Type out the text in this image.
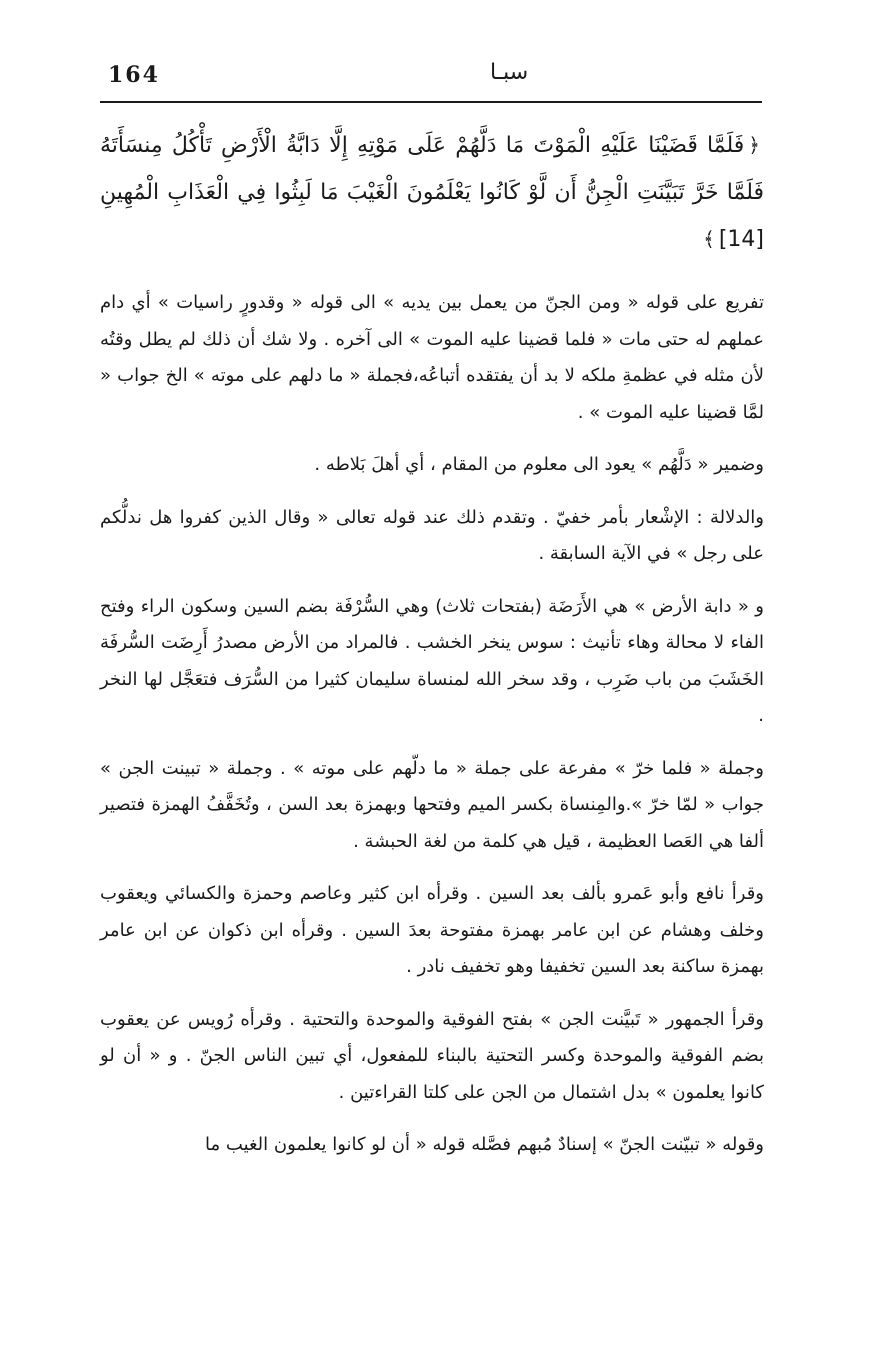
164	سبـا

﴿فَلَمَّا قَضَيْنَا عَلَيْهِ الْمَوْتَ مَا دَلَّهُمْ عَلَى مَوْتِهِ إِلَّا دَابَّةُ الْأَرْضِ تَأْكُلُ مِنسَأَتَهُ فَلَمَّا خَرَّ تَبَيَّنَتِ الْجِنُّ أَن لَّوْ كَانُوا يَعْلَمُونَ الْغَيْبَ مَا لَبِثُوا فِي الْعَذَابِ الْمُهِينِ [14]﴾

تفريع على قوله « ومن الجنّ من يعمل بين يديه » الى قوله « وقدورٍ راسيات » أي دام عملهم له حتى مات « فلما قضينا عليه الموت » الى آخره . ولا شك أن ذلك لم يطل وقتُه لأن مثله في عظمةِ ملكه لا بد أن يفتقده أتباعُه،فجملة « ما دلهم على موته » الخ جواب « لمَّا قضينا عليه الموت » .

وضمير « دَلَّهُم » يعود الى معلوم من المقام ، أي أهلَ بَلاطه .

والدلالة : الإشْعار بأمر خفيّ . وتقدم ذلك عند قوله تعالى « وقال الذين كفروا هل ندلُّكم على رجل » في الآية السابقة .

و « دابة الأرض » هي الأَرَضَة (بفتحات ثلاث) وهي السُّرْفَة بضم السين وسكون الراء وفتح الفاء لا محالة وهاء تأنيث : سوس ينخر الخشب . فالمراد من الأرض مصدرُ أَرِضَت السُّرفَة الخَشَبَ من باب ضَرِب ، وقد سخر الله لمنساة سليمان كثيرا من السُّرَف فتعَجَّل لها النخر .

وجملة « فلما خرّ » مفرعة على جملة « ما دلّهم على موته » . وجملة « تبينت الجن » جواب « لمّا خرّ ».والمِنساة بكسر الميم وفتحها وبهمزة بعد السن ، وتُخَفَّفُ الهمزة فتصير ألفا هي العَصا العظيمة ، قيل هي كلمة من لغة الحبشة .

وقرأ نافع وأبو عَمرو بألف بعد السين . وقرأه ابن كثير وعاصم وحمزة والكسائي ويعقوب وخلف وهشام عن ابن عامر بهمزة مفتوحة بعدَ السين . وقرأه ابن ذكوان عن ابن عامر بهمزة ساكنة بعد السين تخفيفا وهو تخفيف نادر .

وقرأ الجمهور « تَبيَّنت الجن » بفتح الفوقية والموحدة والتحتية . وقرأه رُويس عن يعقوب بضم الفوقية والموحدة وكسر التحتية بالبناء للمفعول، أي تبين الناس الجنّ . و « أن لو كانوا يعلمون » بدل اشتمال من الجن على كلتا القراءتين .

وقوله « تبيّنت الجنّ » إسنادٌ مُبهم فصَّله قوله « أن لو كانوا يعلمون الغيب ما
